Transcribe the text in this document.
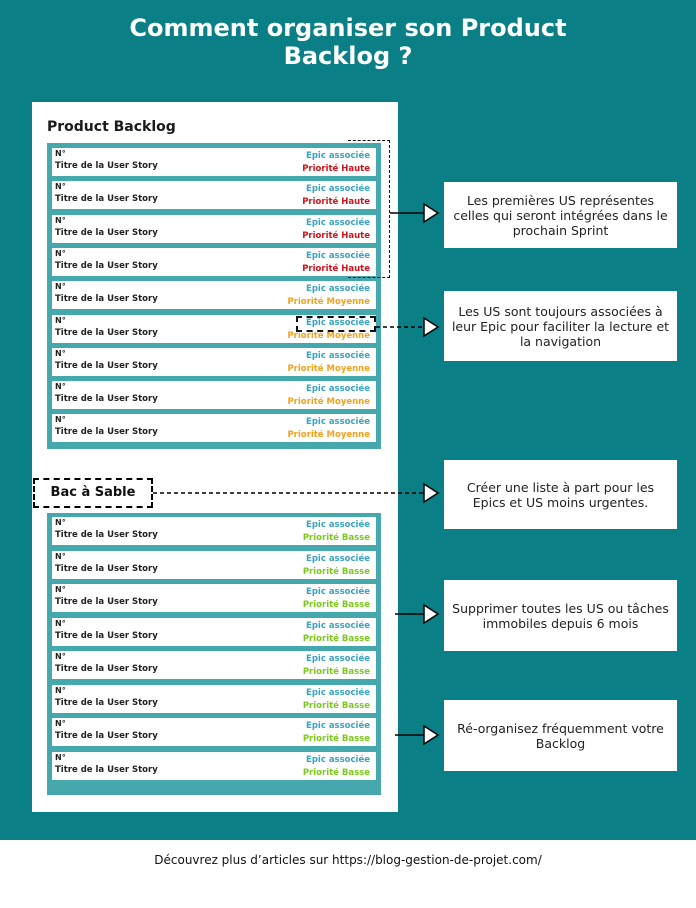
Comment organiser son Product
Backlog ?
Product Backlog
N°
Titre de la User Story
Epic associée
Priorité Haute
N°
Titre de la User Story
Epic associée
Priorité Haute
N°
Titre de la User Story
Epic associée
Priorité Haute
N°
Titre de la User Story
Epic associée
Priorité Haute
N°
Titre de la User Story
Epic associée
Priorité Moyenne
N°
Titre de la User Story
Epic associée
Priorité Moyenne
N°
Titre de la User Story
Epic associée
Priorité Moyenne
N°
Titre de la User Story
Epic associée
Priorité Moyenne
N°
Titre de la User Story
Epic associée
Priorité Moyenne
N°
Titre de la User Story
Epic associée
Priorité Basse
N°
Titre de la User Story
Epic associée
Priorité Basse
N°
Titre de la User Story
Epic associée
Priorité Basse
N°
Titre de la User Story
Epic associée
Priorité Basse
N°
Titre de la User Story
Epic associée
Priorité Basse
N°
Titre de la User Story
Epic associée
Priorité Basse
N°
Titre de la User Story
Epic associée
Priorité Basse
N°
Titre de la User Story
Epic associée
Priorité Basse
Bac à Sable
Les premières US représentes celles qui seront intégrées dans le prochain Sprint
Les US sont toujours associées à leur Epic pour faciliter la lecture et la navigation
Créer une liste à part pour les Epics et US moins urgentes.
Supprimer toutes les US ou tâches immobiles depuis 6 mois
Ré-organisez fréquemment votre Backlog
Découvrez plus d’articles sur https://blog-gestion-de-projet.com/
